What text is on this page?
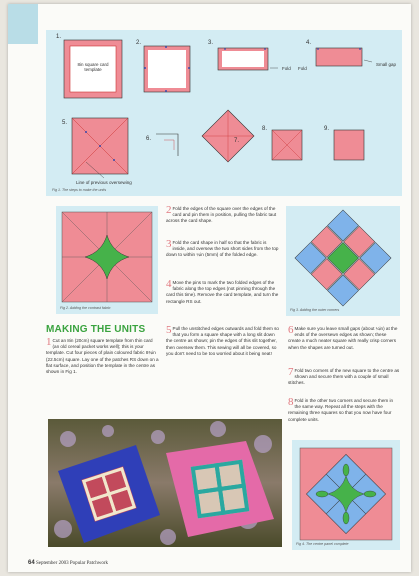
1.
2.	3.	4.
5.
6.	7.
8.	9.
8in square card template	Fold Fold
Small gap
Line of previous oversewing
Fig 1. The steps to make the units
Fig 2. Adding the contrast fabric	Fig 3. Adding the outer corners
2 Fold the edges of the square over the edges of the card and pin them in position, pulling the fabric taut across the card shape.
3 Fold the card shape in half so that the fabric is inside, and oversew the two short sides from the top down to within ¼in (5mm) of the folded edge.
4 Move the pins to mark the two folded edges of the fabric along the top edges (not pinning through the card this time). Remove the card template, and turn the rectangle RS out.
MAKING THE UNITS
1 Cut an 8in (20cm) square template from thin card (an old cereal packet works well); this is your template. Cut four pieces of plain coloured fabric 8¾in (22.5cm) square. Lay one of the patches RS down on a flat surface, and position the template in the centre as shown in Fig 1.
5 Pull the unstitched edges outwards and fold them so that you form a square shape with a long slit down the centre as shown; pin the edges of this slit together, then oversew them. This sewing will all be covered, so you don't need to be too worried about it being neat!
6 Make sure you leave small gaps (about ¼in) at the ends of the oversewn edges as shown; these create a much neater square with really crisp corners when the shapes are turned out.
7 Fold two corners of the new square to the centre as shown and secure them with a couple of small stitches.
8 Fold in the other two corners and secure them in the same way. Repeat all the steps with the remaining three squares so that you now have four complete units.
Fig 4. The centre panel complete
64 September 2003 Popular Patchwork
